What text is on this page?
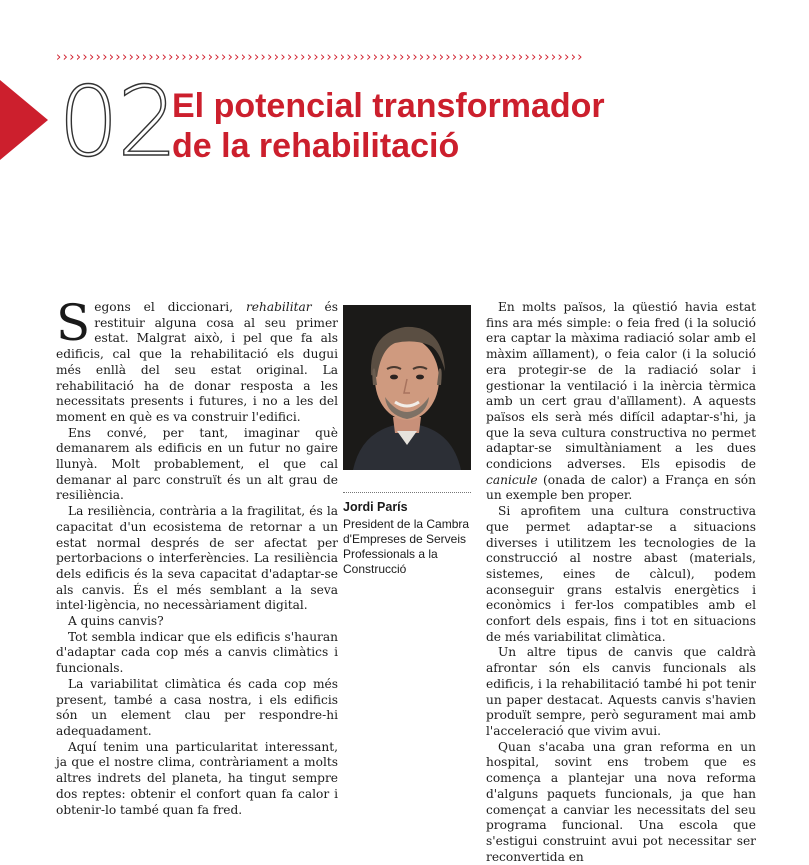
››››››››››››››››››››››››››››››››››››››››››››››››››››››››››››››››››››››››››››››››
02
El potencial transformador
de la rehabilitació

Segons el diccionari, rehabilitar és restituir alguna cosa al seu primer estat. Malgrat això, i pel que fa als edificis, cal que la rehabilitació els dugui més enllà del seu estat original. La rehabilitació ha de donar resposta a les necessitats presents i futures, i no a les del moment en què es va construir l'edifici.

Ens convé, per tant, imaginar què demanarem als edificis en un futur no gaire llunyà. Molt probablement, el que cal demanar al parc construït és un alt grau de resiliència.

La resiliència, contrària a la fragilitat, és la capacitat d'un ecosistema de retornar a un estat normal després de ser afectat per pertorbacions o interferències. La resiliència dels edificis és la seva capacitat d'adaptar-se als canvis. És el més semblant a la seva intel·ligència, no necessàriament digital.

A quins canvis?

Tot sembla indicar que els edificis s'hauran d'adaptar cada cop més a canvis climàtics i funcionals.

La variabilitat climàtica és cada cop més present, també a casa nostra, i els edificis són un element clau per respondre-hi adequadament.

Aquí tenim una particularitat interessant, ja que el nostre clima, contràriament a molts altres indrets del planeta, ha tingut sempre dos reptes: obtenir el confort quan fa calor i obtenir-lo també quan fa fred.

Jordi París
President de la Cambra d'Empreses de Serveis Professionals a la Construcció

En molts països, la qüestió havia estat fins ara més simple: o feia fred (i la solució era captar la màxima radiació solar amb el màxim aïllament), o feia calor (i la solució era protegir-se de la radiació solar i gestionar la ventilació i la inèrcia tèrmica amb un cert grau d'aïllament). A aquests països els serà més difícil adaptar-s'hi, ja que la seva cultura constructiva no permet adaptar-se simultàniament a les dues condicions adverses. Els episodis de canicule (onada de calor) a França en són un exemple ben proper.

Si aprofitem una cultura constructiva que permet adaptar-se a situacions diverses i utilitzem les tecnologies de la construcció al nostre abast (materials, sistemes, eines de càlcul), podem aconseguir grans estalvis energètics i econòmics i fer-los compatibles amb el confort dels espais, fins i tot en situacions de més variabilitat climàtica.

Un altre tipus de canvis que caldrà afrontar són els canvis funcionals als edificis, i la rehabilitació també hi pot tenir un paper destacat. Aquests canvis s'havien produït sempre, però segurament mai amb l'acceleració que vivim avui.

Quan s'acaba una gran reforma en un hospital, sovint ens trobem que es comença a plantejar una nova reforma d'alguns paquets funcionals, ja que han començat a canviar les necessitats del seu programa funcional. Una escola que s'estigui construint avui pot necessitar ser reconvertida en
